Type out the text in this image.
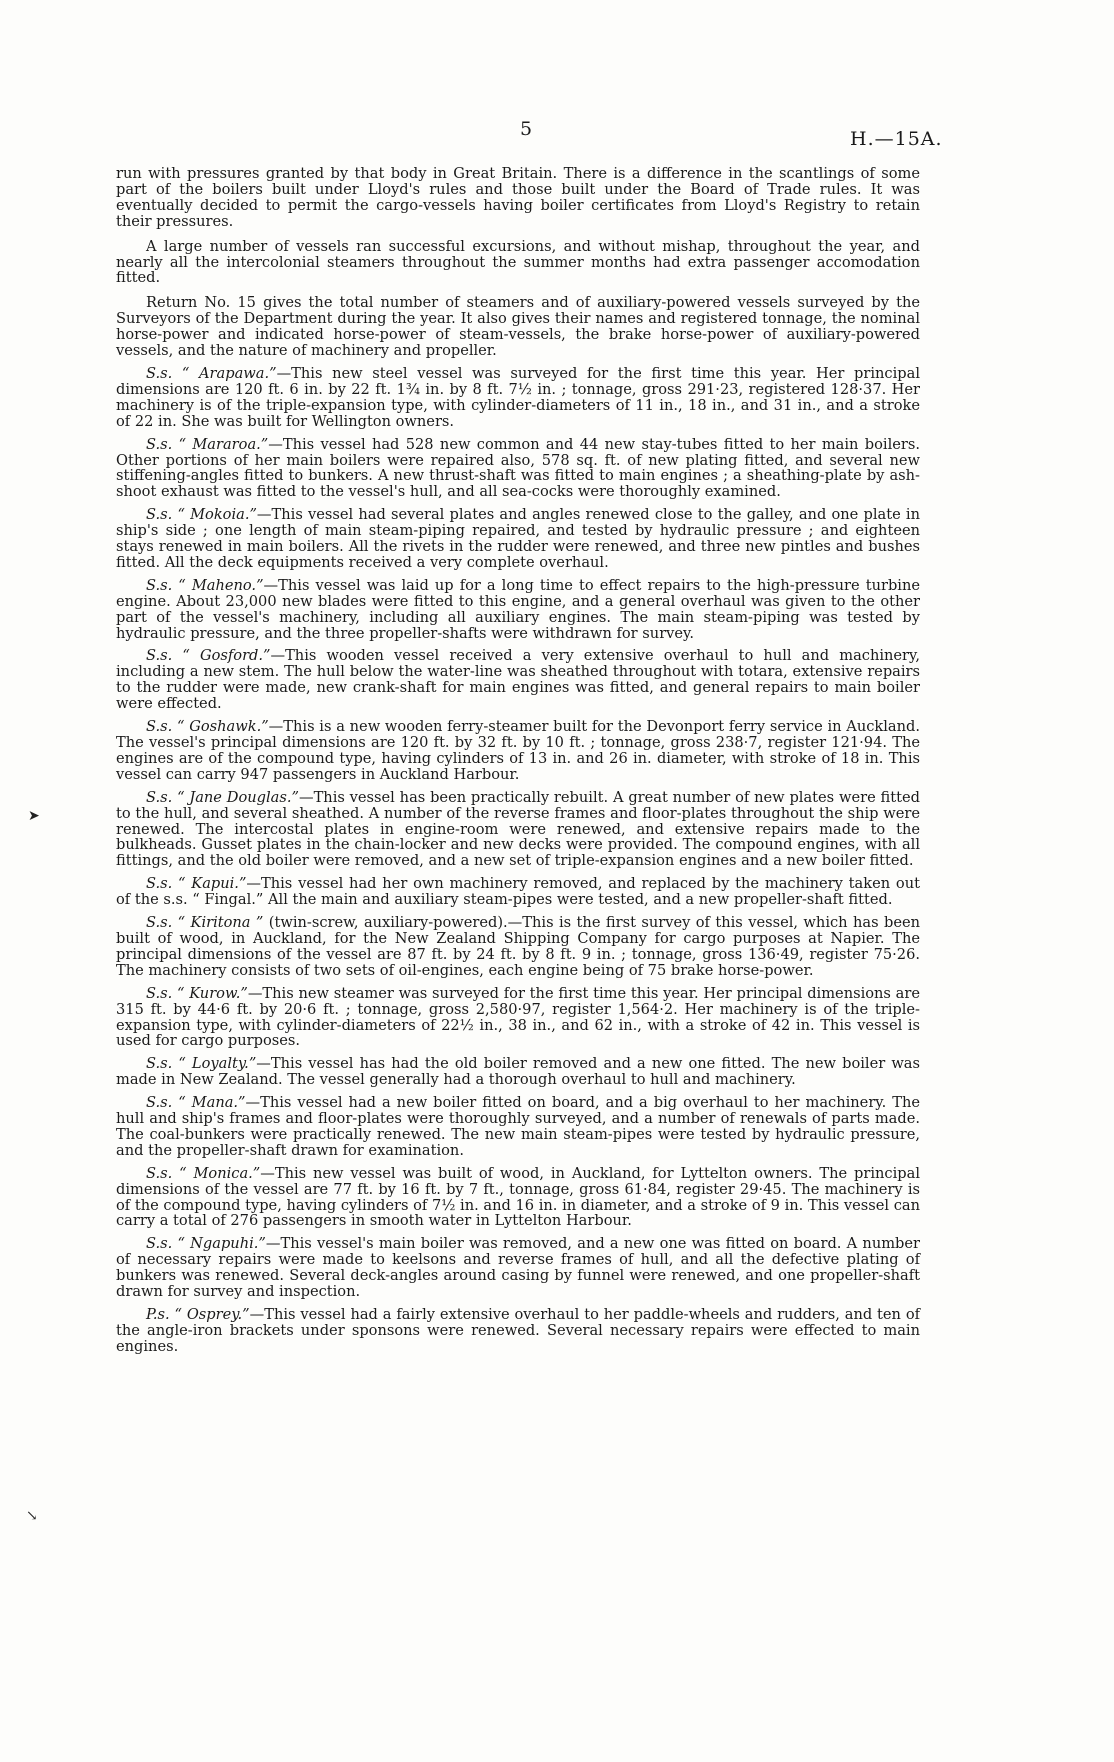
5	H.—15A.
➤
↘

run with pressures granted by that body in Great Britain. There is a difference in the scantlings of some part of the boilers built under Lloyd's rules and those built under the Board of Trade rules. It was eventually decided to permit the cargo-vessels having boiler certificates from Lloyd's Registry to retain their pressures.

A large number of vessels ran successful excursions, and without mishap, throughout the year, and nearly all the intercolonial steamers throughout the summer months had extra passenger accomodation fitted.

Return No. 15 gives the total number of steamers and of auxiliary-powered vessels surveyed by the Surveyors of the Department during the year. It also gives their names and registered tonnage, the nominal horse-power and indicated horse-power of steam-vessels, the brake horse-power of auxiliary-powered vessels, and the nature of machinery and propeller.

S.s. “ Arapawa.”—This new steel vessel was surveyed for the first time this year. Her principal dimensions are 120 ft. 6 in. by 22 ft. 1¾ in. by 8 ft. 7½ in. ; tonnage, gross 291·23, registered 128·37. Her machinery is of the triple-expansion type, with cylinder-diameters of 11 in., 18 in., and 31 in., and a stroke of 22 in. She was built for Wellington owners.

S.s. “ Mararoa.”—This vessel had 528 new common and 44 new stay-tubes fitted to her main boilers. Other portions of her main boilers were repaired also, 578 sq. ft. of new plating fitted, and several new stiffening-angles fitted to bunkers. A new thrust-shaft was fitted to main engines ; a sheathing-plate by ash-shoot exhaust was fitted to the vessel's hull, and all sea-cocks were thoroughly examined.

S.s. “ Mokoia.”—This vessel had several plates and angles renewed close to the galley, and one plate in ship's side ; one length of main steam-piping repaired, and tested by hydraulic pressure ; and eighteen stays renewed in main boilers. All the rivets in the rudder were renewed, and three new pintles and bushes fitted. All the deck equipments received a very complete overhaul.

S.s. “ Maheno.”—This vessel was laid up for a long time to effect repairs to the high-pressure turbine engine. About 23,000 new blades were fitted to this engine, and a general overhaul was given to the other part of the vessel's machinery, including all auxiliary engines. The main steam-piping was tested by hydraulic pressure, and the three propeller-shafts were withdrawn for survey.

S.s. “ Gosford.”—This wooden vessel received a very extensive overhaul to hull and machinery, including a new stem. The hull below the water-line was sheathed throughout with totara, extensive repairs to the rudder were made, new crank-shaft for main engines was fitted, and general repairs to main boiler were effected.

S.s. “ Goshawk.”—This is a new wooden ferry-steamer built for the Devonport ferry service in Auckland. The vessel's principal dimensions are 120 ft. by 32 ft. by 10 ft. ; tonnage, gross 238·7, register 121·94. The engines are of the compound type, having cylinders of 13 in. and 26 in. diameter, with stroke of 18 in. This vessel can carry 947 passengers in Auckland Harbour.

S.s. “ Jane Douglas.”—This vessel has been practically rebuilt. A great number of new plates were fitted to the hull, and several sheathed. A number of the reverse frames and floor-plates throughout the ship were renewed. The intercostal plates in engine-room were renewed, and extensive repairs made to the bulkheads. Gusset plates in the chain-locker and new decks were provided. The compound engines, with all fittings, and the old boiler were removed, and a new set of triple-expansion engines and a new boiler fitted.

S.s. “ Kapui.”—This vessel had her own machinery removed, and replaced by the machinery taken out of the s.s. “ Fingal.” All the main and auxiliary steam-pipes were tested, and a new propeller-shaft fitted.

S.s. “ Kiritona ” (twin-screw, auxiliary-powered).—This is the first survey of this vessel, which has been built of wood, in Auckland, for the New Zealand Shipping Company for cargo purposes at Napier. The principal dimensions of the vessel are 87 ft. by 24 ft. by 8 ft. 9 in. ; tonnage, gross 136·49, register 75·26. The machinery consists of two sets of oil-engines, each engine being of 75 brake horse-power.

S.s. “ Kurow.”—This new steamer was surveyed for the first time this year. Her principal dimensions are 315 ft. by 44·6 ft. by 20·6 ft. ; tonnage, gross 2,580·97, register 1,564·2. Her machinery is of the triple-expansion type, with cylinder-diameters of 22½ in., 38 in., and 62 in., with a stroke of 42 in. This vessel is used for cargo purposes.

S.s. “ Loyalty.”—This vessel has had the old boiler removed and a new one fitted. The new boiler was made in New Zealand. The vessel generally had a thorough overhaul to hull and machinery.

S.s. “ Mana.”—This vessel had a new boiler fitted on board, and a big overhaul to her machinery. The hull and ship's frames and floor-plates were thoroughly surveyed, and a number of renewals of parts made. The coal-bunkers were practically renewed. The new main steam-pipes were tested by hydraulic pressure, and the propeller-shaft drawn for examination.

S.s. “ Monica.”—This new vessel was built of wood, in Auckland, for Lyttelton owners. The principal dimensions of the vessel are 77 ft. by 16 ft. by 7 ft., tonnage, gross 61·84, register 29·45. The machinery is of the compound type, having cylinders of 7½ in. and 16 in. in diameter, and a stroke of 9 in. This vessel can carry a total of 276 passengers in smooth water in Lyttelton Harbour.

S.s. “ Ngapuhi.”—This vessel's main boiler was removed, and a new one was fitted on board. A number of necessary repairs were made to keelsons and reverse frames of hull, and all the defective plating of bunkers was renewed. Several deck-angles around casing by funnel were renewed, and one propeller-shaft drawn for survey and inspection.

P.s. “ Osprey.”—This vessel had a fairly extensive overhaul to her paddle-wheels and rudders, and ten of the angle-iron brackets under sponsons were renewed. Several necessary repairs were effected to main engines.
